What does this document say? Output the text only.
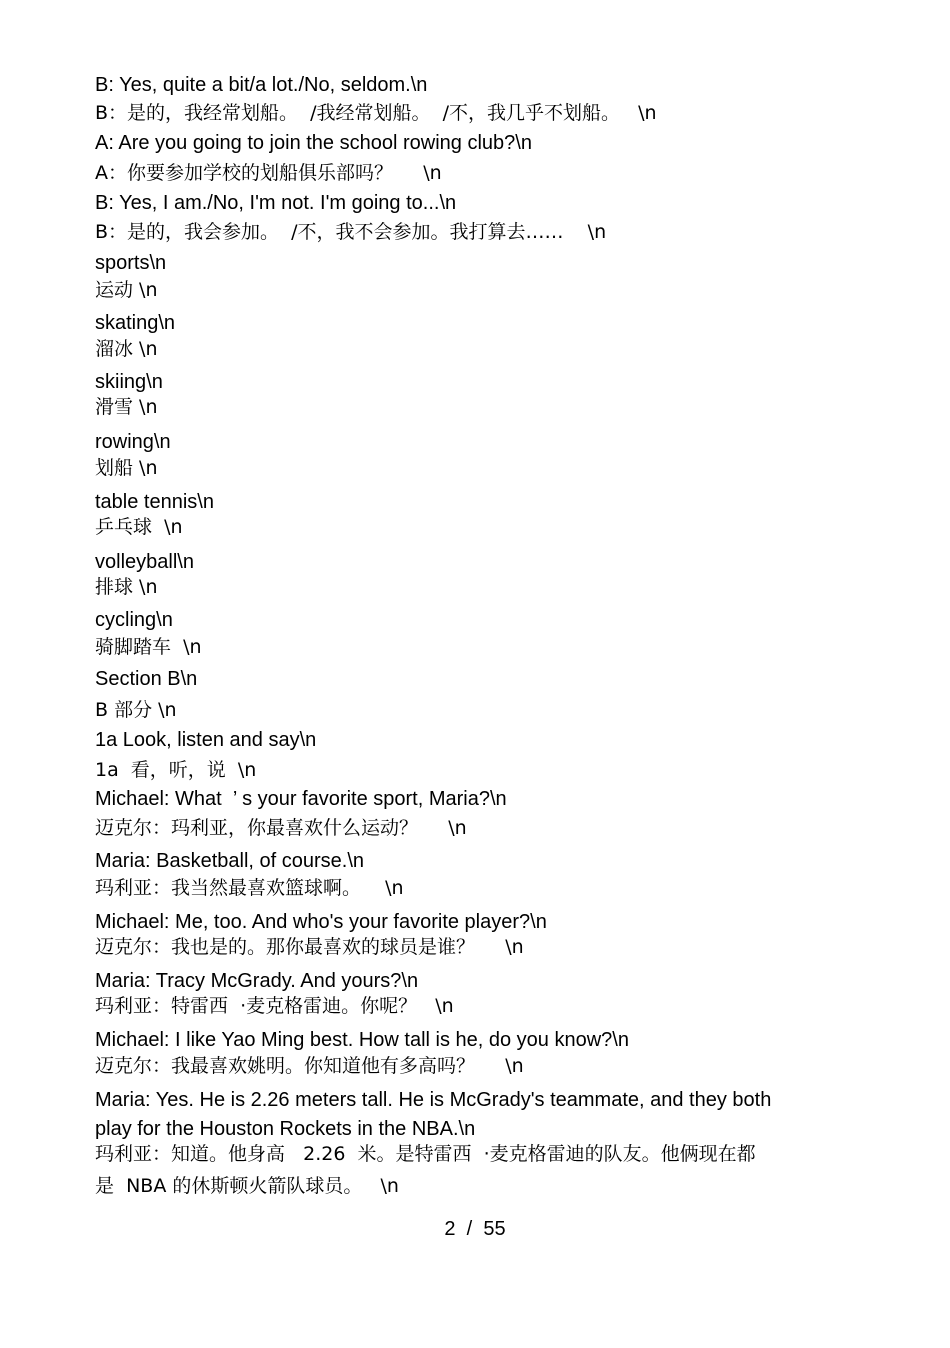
B: Yes, quite a bit/a lot./No, seldom.\n
B：是的，我经常划船。  /我经常划船。  /不，我几乎不划船。   \n
A: Are you going to join the school rowing club?\n
A：你要参加学校的划船俱乐部吗？     \n
B: Yes, I am./No, I'm not. I'm going to...\n
B：是的，我会参加。  /不，我不会参加。我打算去……    \n
sports\n
运动 \n
skating\n
溜冰 \n
skiing\n
滑雪 \n
rowing\n
划船 \n
table tennis\n
乒乓球  \n
volleyball\n
排球 \n
cycling\n
骑脚踏车  \n
Section B\n
B 部分 \n
1a Look, listen and say\n
1a  看，听，说  \n
Michael: What  ’ s your favorite sport, Maria?\n
迈克尔：玛利亚，你最喜欢什么运动？     \n
Maria: Basketball, of course.\n
玛利亚：我当然最喜欢篮球啊。    \n
Michael: Me, too. And who's your favorite player?\n
迈克尔：我也是的。那你最喜欢的球员是谁？     \n
Maria: Tracy McGrady. And yours?\n
玛利亚：特雷西  ·麦克格雷迪。你呢？   \n
Michael: I like Yao Ming best. How tall is he, do you know?\n
迈克尔：我最喜欢姚明。你知道他有多高吗？     \n
Maria: Yes. He is 2.26 meters tall. He is McGrady's teammate, and they both
play for the Houston Rockets in the NBA.\n
玛利亚：知道。他身高   2.26  米。是特雷西  ·麦克格雷迪的队友。他俩现在都
是  NBA 的休斯顿火箭队球员。   \n
2  /  55
